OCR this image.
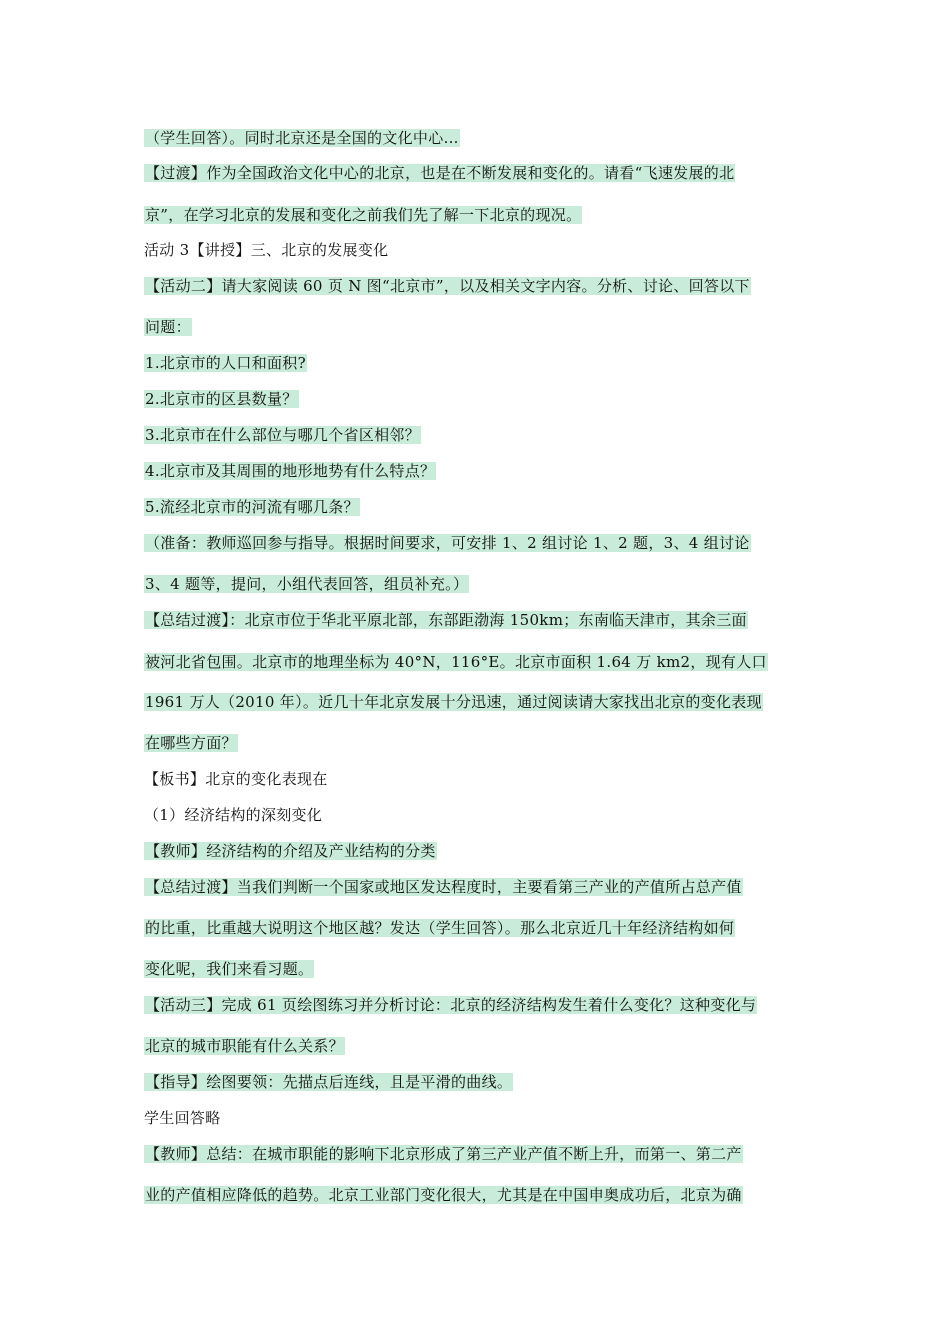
（学生回答）。同时北京还是全国的文化中心…
【过渡】作为全国政治文化中心的北京，也是在不断发展和变化的。请看“飞速发展的北
京”，在学习北京的发展和变化之前我们先了解一下北京的现况。
活动 3【讲授】三、北京的发展变化
【活动二】请大家阅读 60 页 N 图“北京市”，以及相关文字内容。分析、讨论、回答以下
问题：
1.北京市的人口和面积?
2.北京市的区县数量？
3.北京市在什么部位与哪几个省区相邻？
4.北京市及其周围的地形地势有什么特点？
5.流经北京市的河流有哪几条？
（准备：教师巡回参与指导。根据时间要求，可安排 1、2 组讨论 1、2 题，3、4 组讨论
3、4 题等，提问，小组代表回答，组员补充。）
【总结过渡】：北京市位于华北平原北部，东部距渤海 150km；东南临天津市，其余三面
被河北省包围。北京市的地理坐标为 40°N，116°E。北京市面积 1.64 万 km2，现有人口
1961 万人（2010 年）。近几十年北京发展十分迅速，通过阅读请大家找出北京的变化表现
在哪些方面？
【板书】北京的变化表现在
（1）经济结构的深刻变化
【教师】经济结构的介绍及产业结构的分类
【总结过渡】当我们判断一个国家或地区发达程度时，主要看第三产业的产值所占总产值
的比重，比重越大说明这个地区越？发达（学生回答）。那么北京近几十年经济结构如何
变化呢，我们来看习题。
【活动三】完成 61 页绘图练习并分析讨论：北京的经济结构发生着什么变化？这种变化与
北京的城市职能有什么关系？
【指导】绘图要领：先描点后连线，且是平滑的曲线。
学生回答略
【教师】总结：在城市职能的影响下北京形成了第三产业产值不断上升，而第一、第二产
业的产值相应降低的趋势。北京工业部门变化很大，尤其是在中国申奥成功后，北京为确
